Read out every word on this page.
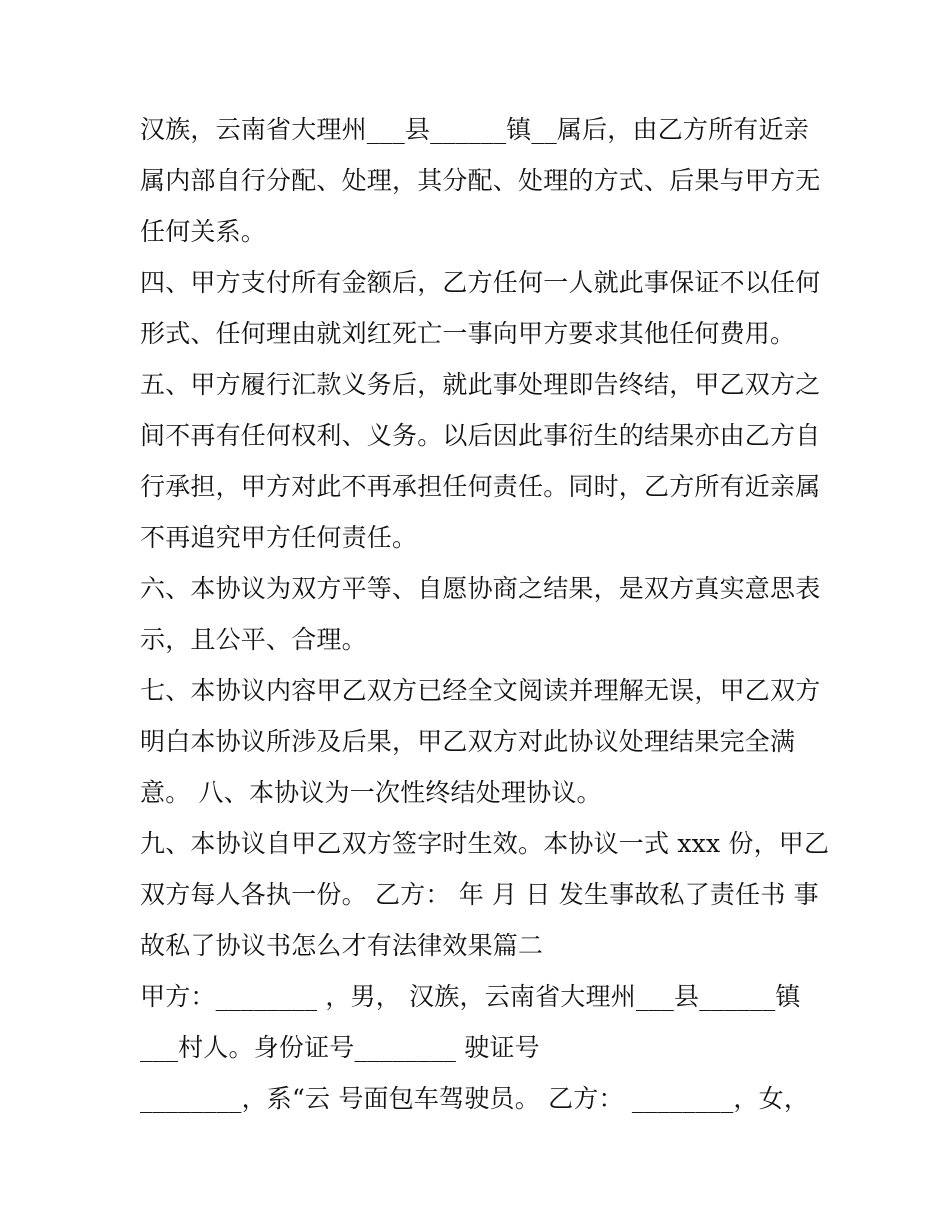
汉族，云南省大理州___县______镇__属后，由乙方所有近亲
属内部自行分配、处理，其分配、处理的方式、后果与甲方无
任何关系。
四、甲方支付所有金额后，乙方任何一人就此事保证不以任何
形式、任何理由就刘红死亡一事向甲方要求其他任何费用。
五、甲方履行汇款义务后，就此事处理即告终结，甲乙双方之
间不再有任何权利、义务。以后因此事衍生的结果亦由乙方自
行承担，甲方对此不再承担任何责任。同时，乙方所有近亲属
不再追究甲方任何责任。
六、本协议为双方平等、自愿协商之结果，是双方真实意思表
示，且公平、合理。
七、本协议内容甲乙双方已经全文阅读并理解无误，甲乙双方
明白本协议所涉及后果，甲乙双方对此协议处理结果完全满
意。 八、本协议为一次性终结处理协议。
九、本协议自甲乙双方签字时生效。本协议一式 xxx 份，甲乙
双方每人各执一份。 乙方： 年 月 日 发生事故私了责任书 事
故私了协议书怎么才有法律效果篇二
甲方：________ ，男， 汉族，云南省大理州___县______镇
___村人。身份证号________ 驶证号
________，系“云 号面包车驾驶员。 乙方： ________，女，
